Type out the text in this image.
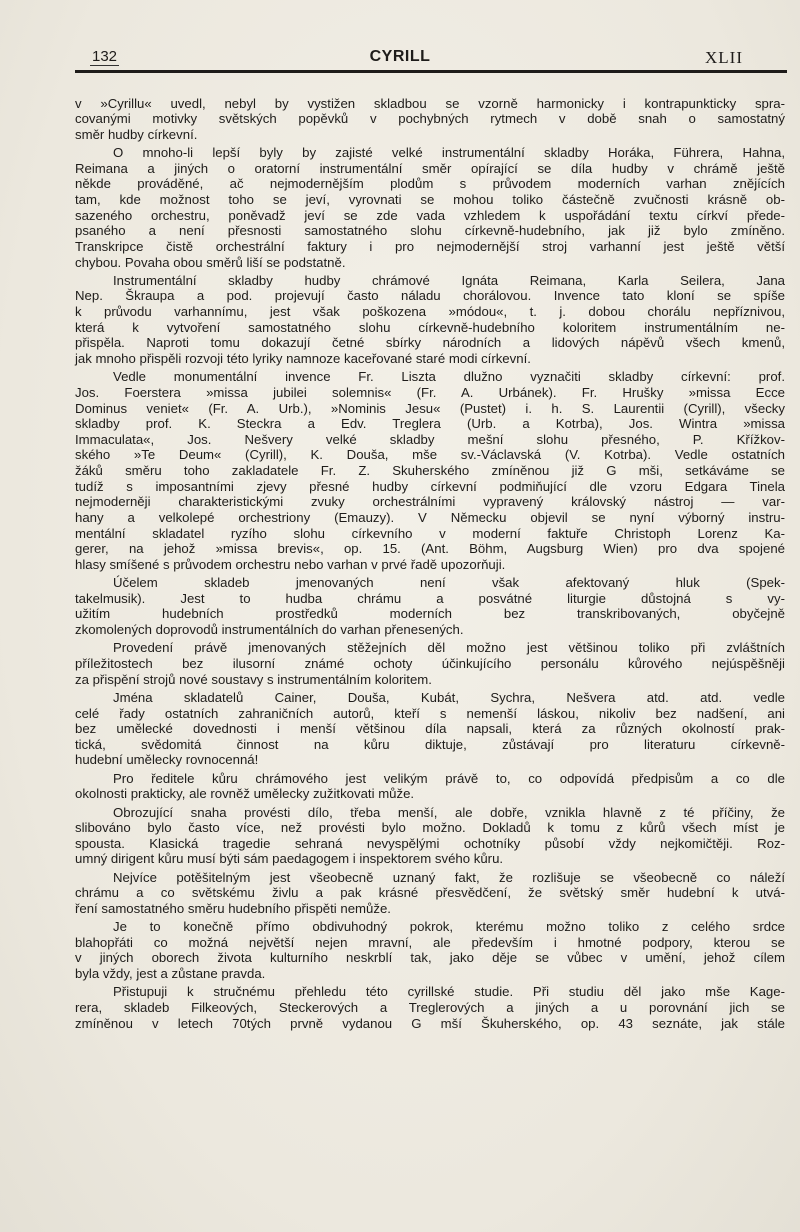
132	CYRILL	XLII
v »Cyrillu« uvedl, nebyl by vystižen skladbou se vzorně harmonicky i kontrapunkticky spra-
covanými motivky světských popěvků v pochybných rytmech v době snah o samostatný
směr hudby církevní.
O mnoho-li lepší byly by zajisté velké instrumentální skladby Horáka, Führera, Hahna,
Reimana a jiných o oratorní instrumentální směr opírající se díla hudby v chrámě ještě
někde prováděné, ač nejmodernějším plodům s průvodem moderních varhan znějících
tam, kde možnost toho se jeví, vyrovnati se mohou toliko částečně zvučnosti krásně ob-
sazeného orchestru, poněvadž jeví se zde vada vzhledem k uspořádání textu církví přede-
psaného a není přesnosti samostatného slohu církevně-hudebního, jak již bylo zmíněno.
Transkripce čistě orchestrální faktury i pro nejmodernější stroj varhanní jest ještě větší
chybou. Povaha obou směrů liší se podstatně.
Instrumentální skladby hudby chrámové Ignáta Reimana, Karla Seilera, Jana
Nep. Škraupa a pod. projevují často náladu chorálovou. Invence tato kloní se spíše
k průvodu varhannímu, jest však poškozena »módou«, t. j. dobou chorálu nepříznivou,
která k vytvoření samostatného slohu církevně-hudebního koloritem instrumentálním ne-
přispěla. Naproti tomu dokazují četné sbírky národních a lidových nápěvů všech kmenů,
jak mnoho přispěli rozvoji této lyriky namnoze kaceřované staré modi církevní.
Vedle monumentální invence Fr. Liszta dlužno vyznačiti skladby církevní: prof.
Jos. Foerstera »missa jubilei solemnis« (Fr. A. Urbánek). Fr. Hrušky »missa Ecce
Dominus veniet« (Fr. A. Urb.), »Nominis Jesu« (Pustet) i. h. S. Laurentii (Cyrill), všecky
skladby prof. K. Steckra a Edv. Treglera (Urb. a Kotrba), Jos. Wintra »missa
Immaculata«, Jos. Nešvery velké skladby mešní slohu přesného, P. Křížkov-
ského »Te Deum« (Cyrill), K. Douša, mše sv.-Václavská (V. Kotrba). Vedle ostatních
žáků směru toho zakladatele Fr. Z. Skuherského zmíněnou již G mši, setkáváme se
tudíž s imposantními zjevy přesné hudby církevní podmiňující dle vzoru Edgara Tinela
nejmoderněji charakteristickými zvuky orchestrálními vypravený královský nástroj — var-
hany a velkolepé orchestriony (Emauzy). V Německu objevil se nyní výborný instru-
mentální skladatel ryzího slohu církevního v moderní faktuře Christoph Lorenz Ka-
gerer, na jehož »missa brevis«, op. 15. (Ant. Böhm, Augsburg Wien) pro dva spojené
hlasy smíšené s průvodem orchestru nebo varhan v prvé řadě upozorňuji.
Účelem skladeb jmenovaných není však afektovaný hluk (Spek-
takelmusik). Jest to hudba chrámu a posvátné liturgie důstojná s vy-
užitím hudebních prostředků moderních bez transkribovaných, obyčejně
zkomolených doprovodů instrumentálních do varhan přenesených.
Provedení právě jmenovaných stěžejních děl možno jest většinou toliko při zvláštních
příležitostech bez ilusorní známé ochoty účinkujícího personálu kůrového nejúspěšněji
za přispění strojů nové soustavy s instrumentálním koloritem.
Jména skladatelů Cainer, Douša, Kubát, Sychra, Nešvera atd. atd. vedle
celé řady ostatních zahraničních autorů, kteří s nemenší láskou, nikoliv bez nadšení, ani
bez umělecké dovednosti i menší většinou díla napsali, která za různých okolností prak-
tická, svědomitá činnost na kůru diktuje, zůstávají pro literaturu církevně-
hudební umělecky rovnocenná!
Pro ředitele kůru chrámového jest velikým právě to, co odpovídá předpisům a co dle
okolnosti prakticky, ale rovněž umělecky zužitkovati může.
Obrozující snaha provésti dílo, třeba menší, ale dobře, vznikla hlavně z té příčiny, že
slibováno bylo často více, než provésti bylo možno. Dokladů k tomu z kůrů všech míst je
spousta. Klasická tragedie sehraná nevyspělými ochotníky působí vždy nejkomičtěji. Roz-
umný dirigent kůru musí býti sám paedagogem i inspektorem svého kůru.
Nejvíce potěšitelným jest všeobecně uznaný fakt, že rozlišuje se všeobecně co náleží
chrámu a co světskému živlu a pak krásné přesvědčení, že světský směr hudební k utvá-
ření samostatného směru hudebního přispěti nemůže.
Je to konečně přímo obdivuhodný pokrok, kterému možno toliko z celého srdce
blahopřáti co možná největší nejen mravní, ale především i hmotné podpory, kterou se
v jiných oborech života kulturního neskrblí tak, jako děje se vůbec v umění, jehož cílem
byla vždy, jest a zůstane pravda.
Přistupuji k stručnému přehledu této cyrillské studie. Při studiu děl jako mše Kage-
rera, skladeb Filkeových, Steckerových a Treglerových a jiných a u porovnání jich se
zmíněnou v letech 70tých prvně vydanou G mší Škuherského, op. 43 seznáte, jak stále
